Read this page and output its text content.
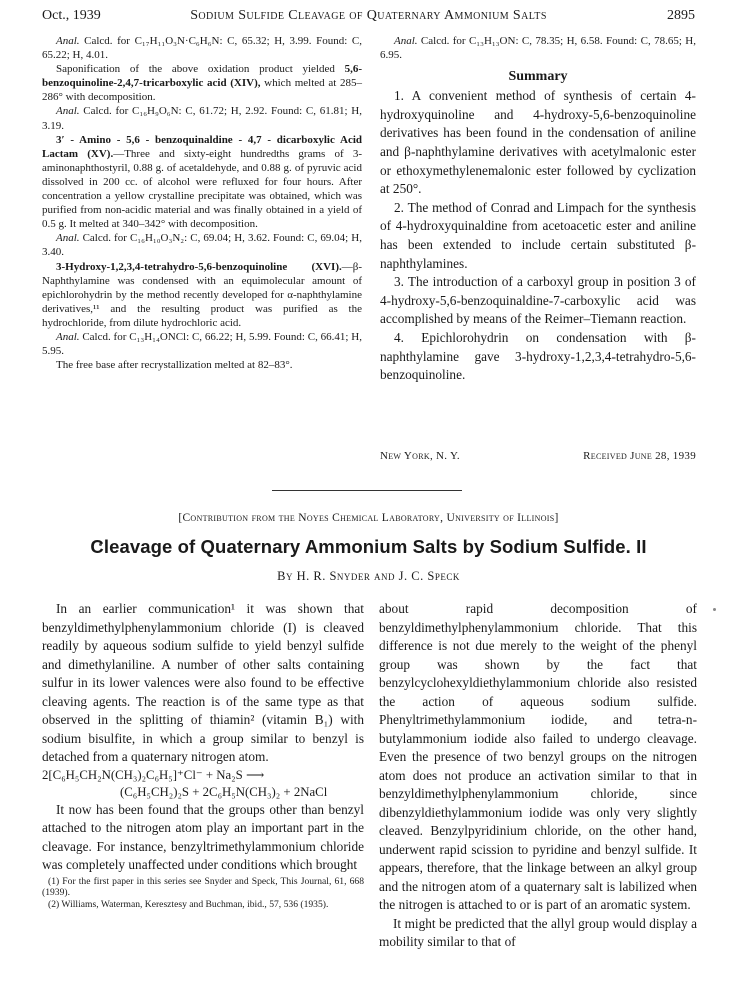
Oct., 1939	Sodium Sulfide Cleavage of Quaternary Ammonium Salts	2895

Anal. Calcd. for C₁₇H₁₁O₃N·C₆H₆N: C, 65.32; H, 3.99. Found: C, 65.22; H, 4.01.

Saponification of the above oxidation product yielded 5,6-benzoquinoline-2,4,7-tricarboxylic acid (XIV), which melted at 285–286° with decomposition.

Anal. Calcd. for C₁₆H₉O₆N: C, 61.72; H, 2.92. Found: C, 61.81; H, 3.19.

3′ - Amino - 5,6 - benzoquinaldine - 4,7 - dicarboxylic Acid Lactam (XV).—Three and sixty-eight hundredths grams of 3-aminonaphthostyril, 0.88 g. of acetaldehyde, and 0.88 g. of pyruvic acid dissolved in 200 cc. of alcohol were refluxed for four hours. After concentration a yellow crystalline precipitate was obtained, which was purified from non-acidic material and was finally obtained in a yield of 0.5 g. It melted at 340–342° with decomposition.

Anal. Calcd. for C₁₆H₁₀O₃N₂: C, 69.04; H, 3.62. Found: C, 69.04; H, 3.40.

3-Hydroxy-1,2,3,4-tetrahydro-5,6-benzoquinoline (XVI).—β-Naphthylamine was condensed with an equimolecular amount of epichlorohydrin by the method recently developed for α-naphthylamine derivatives,¹¹ and the resulting product was purified as the hydrochloride, from dilute hydrochloric acid.

Anal. Calcd. for C₁₃H₁₄ONCl: C, 66.22; H, 5.99. Found: C, 66.41; H, 5.95.

The free base after recrystallization melted at 82–83°.

Anal. Calcd. for C₁₃H₁₃ON: C, 78.35; H, 6.58. Found: C, 78.65; H, 6.95.

Summary

1. A convenient method of synthesis of certain 4-hydroxyquinoline and 4-hydroxy-5,6-benzoquinoline derivatives has been found in the condensation of aniline and β-naphthylamine derivatives with acetylmalonic ester or ethoxymethylenemalonic ester followed by cyclization at 250°.

2. The method of Conrad and Limpach for the synthesis of 4-hydroxyquinaldine from acetoacetic ester and aniline has been extended to include certain substituted β-naphthylamines.

3. The introduction of a carboxyl group in position 3 of 4-hydroxy-5,6-benzoquinaldine-7-carboxylic acid was accomplished by means of the Reimer–Tiemann reaction.

4. Epichlorohydrin on condensation with β-naphthylamine gave 3-hydroxy-1,2,3,4-tetrahydro-5,6-benzoquinoline.

New York, N. Y.	Received June 28, 1939
[Contribution from the Noyes Chemical Laboratory, University of Illinois]
Cleavage of Quaternary Ammonium Salts by Sodium Sulfide. II
By H. R. Snyder and J. C. Speck

In an earlier communication¹ it was shown that benzyldimethylphenylammonium chloride (I) is cleaved readily by aqueous sodium sulfide to yield benzyl sulfide and dimethylaniline. A number of other salts containing sulfur in its lower valences were also found to be effective cleaving agents. The reaction is of the same type as that observed in the splitting of thiamin² (vitamin B₁) with sodium bisulfite, in which a group similar to benzyl is detached from a quaternary nitrogen atom.

2[C₆H₅CH₂N(CH₃)₂C₆H₅]⁺Cl⁻ + Na₂S ⟶

(C₆H₅CH₂)₂S + 2C₆H₅N(CH₃)₂ + 2NaCl

It now has been found that the groups other than benzyl attached to the nitrogen atom play an important part in the cleavage. For instance, benzyltrimethylammonium chloride was completely unaffected under conditions which brought

(1) For the first paper in this series see Snyder and Speck, This Journal, 61, 668 (1939).

(2) Williams, Waterman, Keresztesy and Buchman, ibid., 57, 536 (1935).

about rapid decomposition of benzyldimethylphenylammonium chloride. That this difference is not due merely to the weight of the phenyl group was shown by the fact that benzylcyclohexyldiethylammonium chloride also resisted the action of aqueous sodium sulfide. Phenyltrimethylammonium iodide, and tetra-n-butylammonium iodide also failed to undergo cleavage. Even the presence of two benzyl groups on the nitrogen atom does not produce an activation similar to that in benzyldimethylphenylammonium chloride, since dibenzyldiethylammonium iodide was only very slightly cleaved. Benzylpyridinium chloride, on the other hand, underwent rapid scission to pyridine and benzyl sulfide. It appears, therefore, that the linkage between an alkyl group and the nitrogen atom of a quaternary salt is labilized when the nitrogen is attached to or is part of an aromatic system.

It might be predicted that the allyl group would display a mobility similar to that of
